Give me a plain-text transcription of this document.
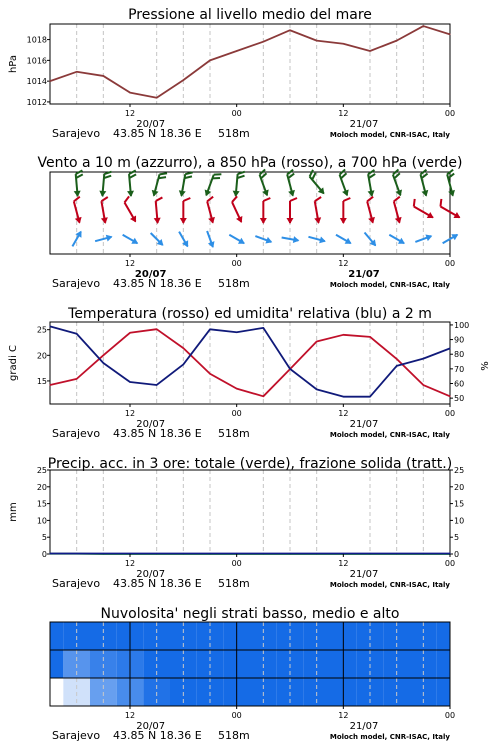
Pressione al livello medio del mare
1012
1014
1016
1018
hPa
12	00	12	00
20/07	21/07
Sarajevo 43.85 N 18.36 E 518m	Moloch model, CNR-ISAC, Italy
Vento a 10 m (azzurro), a 850 hPa (rosso), a 700 hPa (verde)
12	00	12	00
20/07	21/07
Sarajevo 43.85 N 18.36 E 518m	Moloch model, CNR-ISAC, Italy
Temperatura (rosso) ed umidita' relativa (blu) a 2 m
15
20
25
50
60
70
80
90
100
gradi C	%
12	00	12	00
20/07	21/07
Sarajevo 43.85 N 18.36 E 518m	Moloch model, CNR-ISAC, Italy
Precip. acc. in 3 ore: totale (verde), frazione solida (tratt.)
0
5
10
15
20
25
0
5
10
15
20
25
mm
12	00	12	00
20/07	21/07
Sarajevo 43.85 N 18.36 E 518m	Moloch model, CNR-ISAC, Italy
Nuvolosita' negli strati basso, medio e alto
12	00	12	00
20/07	21/07
Sarajevo 43.85 N 18.36 E 518m	Moloch model, CNR-ISAC, Italy
